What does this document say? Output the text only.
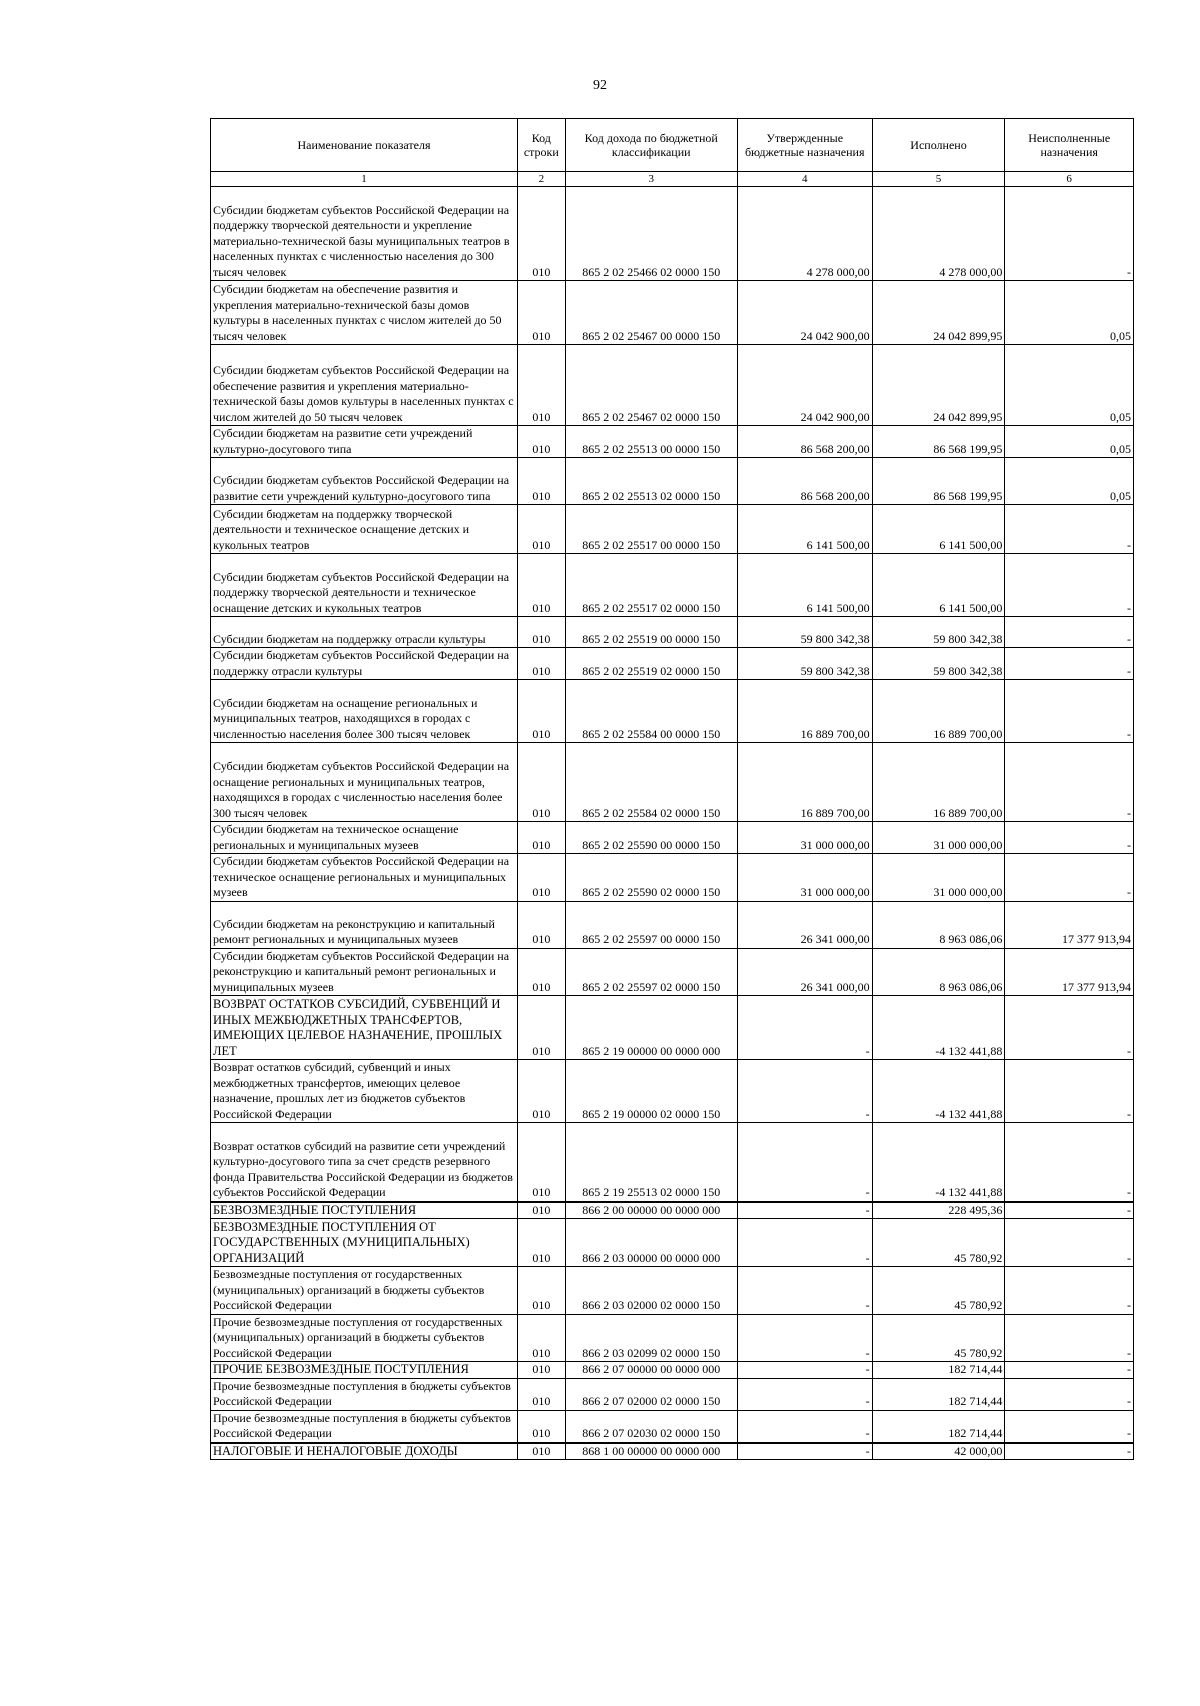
92
Наименование показателя	Код строки	Код дохода по бюджетной классификации	Утвержденные бюджетные назначения	Исполнено	Неисполненные назначения
1	2	3	4	5	6
Субсидии бюджетам субъектов Российской Федерации на поддержку творческой деятельности и укрепление материально-технической базы муниципальных театров в населенных пунктах с численностью населения до 300 тысяч человек	010	865 2 02 25466 02 0000 150	4 278 000,00	4 278 000,00	-
Субсидии бюджетам на обеспечение развития и укрепления материально-технической базы домов культуры в населенных пунктах с числом жителей до 50 тысяч человек	010	865 2 02 25467 00 0000 150	24 042 900,00	24 042 899,95	0,05
Субсидии бюджетам субъектов Российской Федерации на обеспечение развития и укрепления материально-технической базы домов культуры в населенных пунктах с числом жителей до 50 тысяч человек	010	865 2 02 25467 02 0000 150	24 042 900,00	24 042 899,95	0,05
Субсидии бюджетам на развитие сети учреждений культурно-досугового типа	010	865 2 02 25513 00 0000 150	86 568 200,00	86 568 199,95	0,05
Субсидии бюджетам субъектов Российской Федерации на развитие сети учреждений культурно-досугового типа	010	865 2 02 25513 02 0000 150	86 568 200,00	86 568 199,95	0,05
Субсидии бюджетам на поддержку творческой деятельности и техническое оснащение детских и кукольных театров	010	865 2 02 25517 00 0000 150	6 141 500,00	6 141 500,00	-
Субсидии бюджетам субъектов Российской Федерации на поддержку творческой деятельности и техническое оснащение детских и кукольных театров	010	865 2 02 25517 02 0000 150	6 141 500,00	6 141 500,00	-
Субсидии бюджетам на поддержку отрасли культуры	010	865 2 02 25519 00 0000 150	59 800 342,38	59 800 342,38	-
Субсидии бюджетам субъектов Российской Федерации на поддержку отрасли культуры	010	865 2 02 25519 02 0000 150	59 800 342,38	59 800 342,38	-
Субсидии бюджетам на оснащение региональных и муниципальных театров, находящихся в городах с численностью населения более 300 тысяч человек	010	865 2 02 25584 00 0000 150	16 889 700,00	16 889 700,00	-
Субсидии бюджетам субъектов Российской Федерации на оснащение региональных и муниципальных театров, находящихся в городах с численностью населения более 300 тысяч человек	010	865 2 02 25584 02 0000 150	16 889 700,00	16 889 700,00	-
Субсидии бюджетам на техническое оснащение региональных и муниципальных музеев	010	865 2 02 25590 00 0000 150	31 000 000,00	31 000 000,00	-
Субсидии бюджетам субъектов Российской Федерации на техническое оснащение региональных и муниципальных музеев	010	865 2 02 25590 02 0000 150	31 000 000,00	31 000 000,00	-
Субсидии бюджетам на реконструкцию и капитальный ремонт региональных и муниципальных музеев	010	865 2 02 25597 00 0000 150	26 341 000,00	8 963 086,06	17 377 913,94
Субсидии бюджетам субъектов Российской Федерации на реконструкцию и капитальный ремонт региональных и муниципальных музеев	010	865 2 02 25597 02 0000 150	26 341 000,00	8 963 086,06	17 377 913,94
ВОЗВРАТ ОСТАТКОВ СУБСИДИЙ, СУБВЕНЦИЙ И ИНЫХ МЕЖБЮДЖЕТНЫХ ТРАНСФЕРТОВ, ИМЕЮЩИХ ЦЕЛЕВОЕ НАЗНАЧЕНИЕ, ПРОШЛЫХ ЛЕТ	010	865 2 19 00000 00 0000 000	-	-4 132 441,88	-
Возврат остатков субсидий, субвенций и иных межбюджетных трансфертов, имеющих целевое назначение, прошлых лет из бюджетов субъектов Российской Федерации	010	865 2 19 00000 02 0000 150	-	-4 132 441,88	-
Возврат остатков субсидий на развитие сети учреждений культурно-досугового типа за счет средств резервного фонда Правительства Российской Федерации из бюджетов субъектов Российской Федерации	010	865 2 19 25513 02 0000 150	-	-4 132 441,88	-
БЕЗВОЗМЕЗДНЫЕ ПОСТУПЛЕНИЯ	010	866 2 00 00000 00 0000 000	-	228 495,36	-
БЕЗВОЗМЕЗДНЫЕ ПОСТУПЛЕНИЯ ОТ ГОСУДАРСТВЕННЫХ (МУНИЦИПАЛЬНЫХ) ОРГАНИЗАЦИЙ	010	866 2 03 00000 00 0000 000	-	45 780,92	-
Безвозмездные поступления от государственных (муниципальных) организаций в бюджеты субъектов Российской Федерации	010	866 2 03 02000 02 0000 150	-	45 780,92	-
Прочие безвозмездные поступления от государственных (муниципальных) организаций в бюджеты субъектов Российской Федерации	010	866 2 03 02099 02 0000 150	-	45 780,92	-
ПРОЧИЕ БЕЗВОЗМЕЗДНЫЕ ПОСТУПЛЕНИЯ	010	866 2 07 00000 00 0000 000	-	182 714,44	-
Прочие безвозмездные поступления в бюджеты субъектов Российской Федерации	010	866 2 07 02000 02 0000 150	-	182 714,44	-
Прочие безвозмездные поступления в бюджеты субъектов Российской Федерации	010	866 2 07 02030 02 0000 150	-	182 714,44	-
НАЛОГОВЫЕ И НЕНАЛОГОВЫЕ ДОХОДЫ	010	868 1 00 00000 00 0000 000	-	42 000,00	-
